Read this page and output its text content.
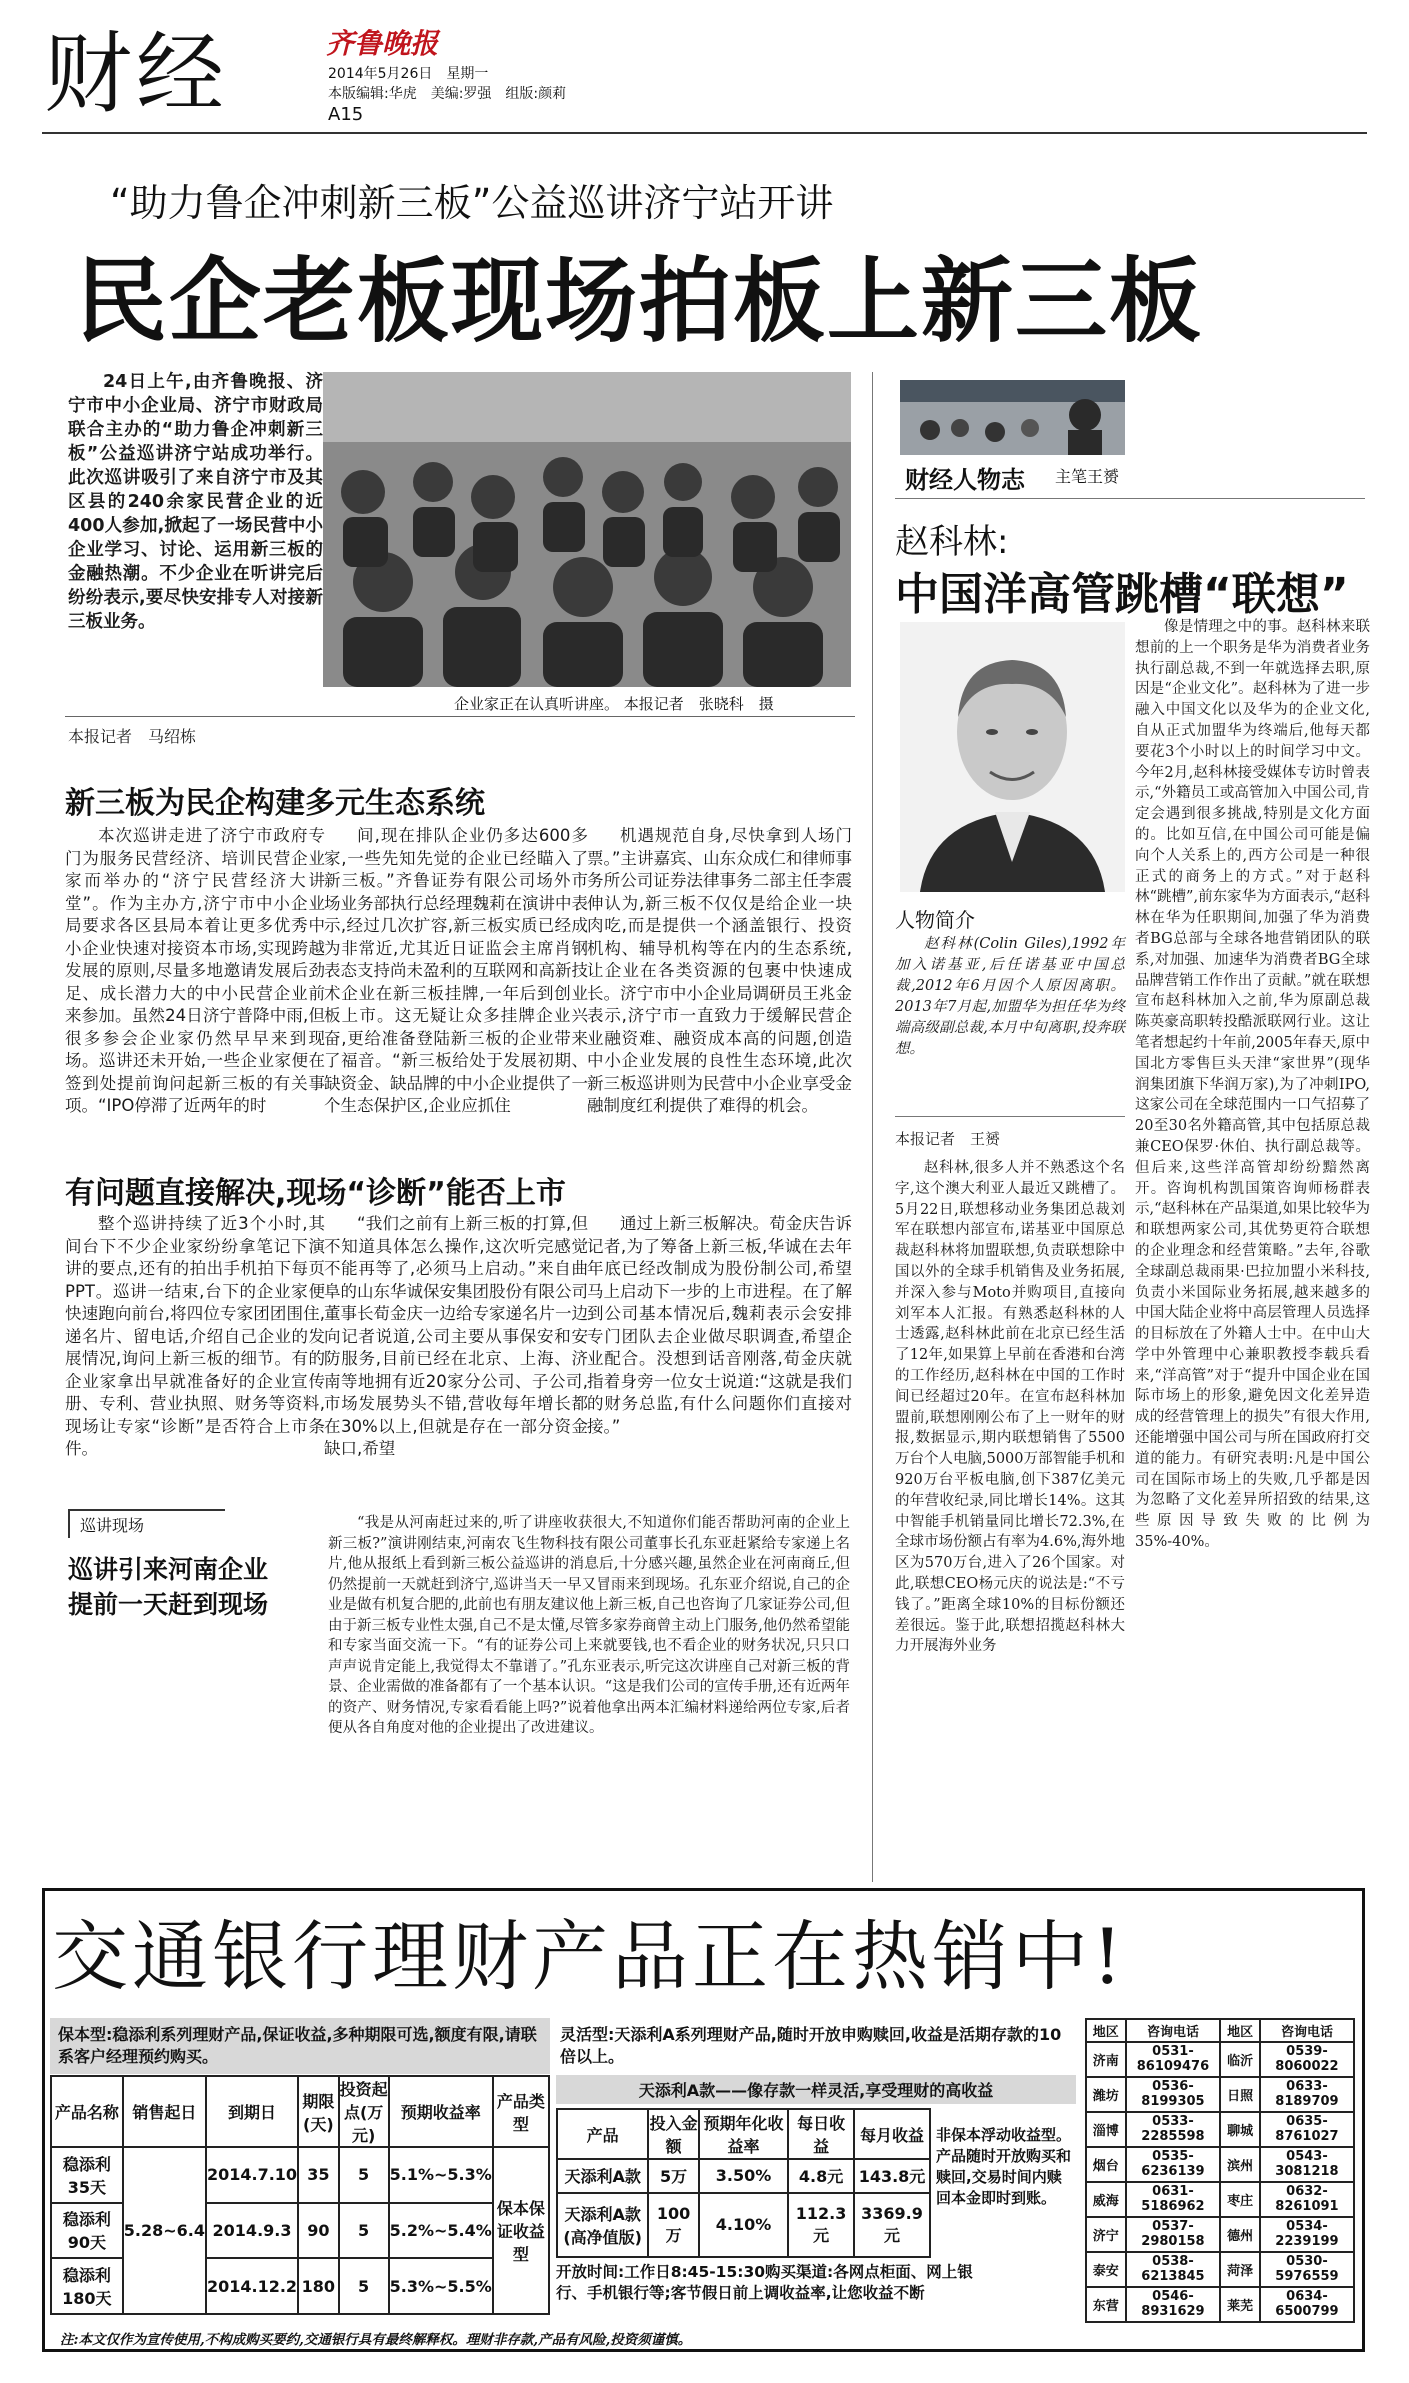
财经	齐鲁晚报
2014年5月26日　星期一
本版编辑:华虎　美编:罗强　组版:颜莉
A15
“助力鲁企冲刺新三板”公益巡讲济宁站开讲
民企老板现场拍板上新三板

24日上午,由齐鲁晚报、济宁市中小企业局、济宁市财政局联合主办的“助力鲁企冲刺新三板”公益巡讲济宁站成功举行。此次巡讲吸引了来自济宁市及其区县的240余家民营企业的近400人参加,掀起了一场民营中小企业学习、讨论、运用新三板的金融热潮。不少企业在听讲完后纷纷表示,要尽快安排专人对接新三板业务。

企业家正在认真听讲座。 本报记者　张晓科　摄
本报记者　马绍栋
新三板为民企构建多元生态系统

本次巡讲走进了济宁市政府专门为服务民营经济、培训民营企业家而举办的“济宁民营经济大讲堂”。作为主办方,济宁市中小企业局要求各区县局本着让更多优秀中小企业快速对接资本市场,实现跨越发展的原则,尽量多地邀请发展后劲足、成长潜力大的中小民营企业前来参加。虽然24日济宁普降中雨,但很多参会企业家仍然早早来到现场。巡讲还未开始,一些企业家便在签到处提前询问起新三板的有关事项。“IPO停滞了近两年的时

间,现在排队企业仍多达600多家,一些先知先觉的企业已经瞄入了新三板。”齐鲁证券有限公司场外市场业务部执行总经理魏莉在演讲中表示,经过几次扩容,新三板实质已经成为非常近,尤其近日证监会主席肖钢表态支持尚未盈利的互联网和高新技术企业在新三板挂牌,一年后到创业板上市。这无疑让众多挂牌企业兴奋,更给准备登陆新三板的企业带来了福音。“新三板给处于发展初期、缺资金、缺品牌的中小企业提供了一个生态保护区,企业应抓住

机遇规范自身,尽快拿到人场门票。”主讲嘉宾、山东众成仁和律师事务所公司证券法律事务二部主任李震伸认为,新三板不仅仅是给企业一块肉吃,而是提供一个涵盖银行、投资机构、辅导机构等在内的生态系统,让企业在各类资源的包裹中快速成长。济宁市中小企业局调研员王兆金表示,济宁市一直致力于缓解民营企业融资难、融资成本高的问题,创造中小企业发展的良性生态环境,此次新三板巡讲则为民营中小企业享受金融制度红利提供了难得的机会。

有问题直接解决,现场“诊断”能否上市

整个巡讲持续了近3个小时,其间台下不少企业家纷纷拿笔记下演讲的要点,还有的拍出手机拍下每页PPT。巡讲一结束,台下的企业家便快速跑向前台,将四位专家团团围住,递名片、留电话,介绍自己企业的发展情况,询问上新三板的细节。有的企业家拿出早就准备好的企业宣传册、专利、营业执照、财务等资料,现场让专家“诊断”是否符合上市条件。

“我们之前有上新三板的打算,但不知道具体怎么操作,这次听完感觉不能再等了,必须马上启动。”来自曲阜的山东华诚保安集团股份有限公司董事长荀金庆一边给专家递名片一边向记者说道,公司主要从事保安和安防服务,目前已经在北京、上海、济南等地拥有近20家分公司、子公司,市场发展势头不错,营收每年增长都在30%以上,但就是存在一部分资金缺口,希望

通过上新三板解决。荀金庆告诉记者,为了筹备上新三板,华诚在去年年底已经改制成为股份制公司,希望马上启动下一步的上市进程。在了解到公司基本情况后,魏莉表示会安排专门团队去企业做尽职调查,希望企业配合。没想到话音刚落,荀金庆就指着身旁一位女士说道:“这就是我们的财务总监,有什么问题你们直接对接。”

巡讲现场
巡讲引来河南企业
提前一天赶到现场

“我是从河南赶过来的,听了讲座收获很大,不知道你们能否帮助河南的企业上新三板?”演讲刚结束,河南农飞生物科技有限公司董事长孔东亚赶紧给专家递上名片,他从报纸上看到新三板公益巡讲的消息后,十分感兴趣,虽然企业在河南商丘,但仍然提前一天就赶到济宁,巡讲当天一早又冒雨来到现场。孔东亚介绍说,自己的企业是做有机复合肥的,此前也有朋友建议他上新三板,自己也咨询了几家证券公司,但由于新三板专业性太强,自己不是太懂,尽管多家券商曾主动上门服务,他仍然希望能和专家当面交流一下。“有的证券公司上来就要钱,也不看企业的财务状况,只只口声声说肯定能上,我觉得太不靠谱了。”孔东亚表示,听完这次讲座自己对新三板的背景、企业需做的准备都有了一个基本认识。“这是我们公司的宣传手册,还有近两年的资产、财务情况,专家看看能上吗?”说着他拿出两本汇编材料递给两位专家,后者便从各自角度对他的企业提出了改进建议。

财经人物志 主笔王赟
赵科林:
中国洋高管跳槽“联想”
人物简介

赵科林(Colin Giles),1992年加入诺基亚,后任诺基亚中国总裁,2012年6月因个人原因离职。2013年7月起,加盟华为担任华为终端高级副总裁,本月中旬离职,投奔联想。

本报记者　王赟

赵科林,很多人并不熟悉这个名字,这个澳大利亚人最近又跳槽了。5月22日,联想移动业务集团总裁刘军在联想内部宣布,诺基亚中国原总裁赵科林将加盟联想,负责联想除中国以外的全球手机销售及业务拓展,并深入参与Moto并购项目,直接向刘军本人汇报。有熟悉赵科林的人士透露,赵科林此前在北京已经生活了12年,如果算上早前在香港和台湾的工作经历,赵科林在中国的工作时间已经超过20年。在宣布赵科林加盟前,联想刚刚公布了上一财年的财报,数据显示,期内联想销售了5500万台个人电脑,5000万部智能手机和920万台平板电脑,创下387亿美元的年营收纪录,同比增长14%。这其中智能手机销量同比增长72.3%,在全球市场份额占有率为4.6%,海外地区为570万台,进入了26个国家。对此,联想CEO杨元庆的说法是:“不亏钱了。”距离全球10%的目标份额还差很远。鉴于此,联想招揽赵科林大力开展海外业务

像是情理之中的事。赵科林来联想前的上一个职务是华为消费者业务执行副总裁,不到一年就选择去职,原因是“企业文化”。赵科林为了进一步融入中国文化以及华为的企业文化,自从正式加盟华为终端后,他每天都要花3个小时以上的时间学习中文。今年2月,赵科林接受媒体专访时曾表示,“外籍员工或高管加入中国公司,肯定会遇到很多挑战,特别是文化方面的。比如互信,在中国公司可能是偏向个人关系上的,西方公司是一种很正式的商务上的方式。”对于赵科林“跳槽”,前东家华为方面表示,“赵科林在华为任职期间,加强了华为消费者BG总部与全球各地营销团队的联系,对加强、加速华为消费者BG全球品牌营销工作作出了贡献。”就在联想宣布赵科林加入之前,华为原副总裁陈英豪高职转投酷派联网行业。这让笔者想起约十年前,2005年春天,原中国北方零售巨头天津“家世界”(现华润集团旗下华润万家),为了冲刺IPO,这家公司在全球范围内一口气招募了20至30名外籍高管,其中包括原总裁兼CEO保罗·休伯、执行副总裁等。但后来,这些洋高管却纷纷黯然离开。咨询机构凯国策咨询师杨群表示,“赵科林在产品渠道,如果比较华为和联想两家公司,其优势更符合联想的企业理念和经营策略。”去年,谷歌全球副总裁雨果·巴拉加盟小米科技,负责小米国际业务拓展,越来越多的中国大陆企业将中高层管理人员选择的目标放在了外籍人士中。在中山大学中外管理中心兼职教授李载兵看来,“洋高管”对于“提升中国企业在国际市场上的形象,避免因文化差异造成的经营管理上的损失”有很大作用,还能增强中国公司与所在国政府打交道的能力。有研究表明:凡是中国公司在国际市场上的失败,几乎都是因为忽略了文化差异所招致的结果,这些原因导致失败的比例为35%-40%。

交通银行理财产品正在热销中!
保本型:稳添利系列理财产品,保证收益,多种期限可选,额度有限,请联系客户经理预约购买。
产品名称	销售起日	到期日	期限(天)	投资起点(万元)	预期收益率	产品类型
稳添利35天	5.28~6.4	2014.7.10	35	5	5.1%~5.3%	保本保证收益型
稳添利90天		2014.9.3	90	5	5.2%~5.4%	
稳添利180天		2014.12.2	180	5	5.3%~5.5%	
灵活型:天添利A系列理财产品,随时开放申购赎回,收益是活期存款的10倍以上。
天添利A款——像存款一样灵活,享受理财的高收益
产品	投入金额	预期年化收益率	每日收益	每月收益
天添利A款	5万	3.50%	4.8元	143.8元
天添利A款(高净值版)	100万	4.10%	112.3元	3369.9元
非保本浮动收益型。产品随时开放购买和赎回,交易时间内赎回本金即时到账。
开放时间:工作日8:45-15:30购买渠道:各网点柜面、网上银行、手机银行等;客节假日前上调收益率,让您收益不断
地区	咨询电话	地区	咨询电话
济南	0531-86109476	临沂	0539-8060022
潍坊	0536-8199305	日照	0633-8189709
淄博	0533-2285598	聊城	0635-8761027
烟台	0535-6236139	滨州	0543-3081218
威海	0631-5186962	枣庄	0632-8261091
济宁	0537-2980158	德州	0534-2239199
泰安	0538-6213845	菏泽	0530-5976559
东营	0546-8931629	莱芜	0634-6500799
注:本文仅作为宣传使用,不构成购买要约,交通银行具有最终解释权。理财非存款,产品有风险,投资须谨慎。
